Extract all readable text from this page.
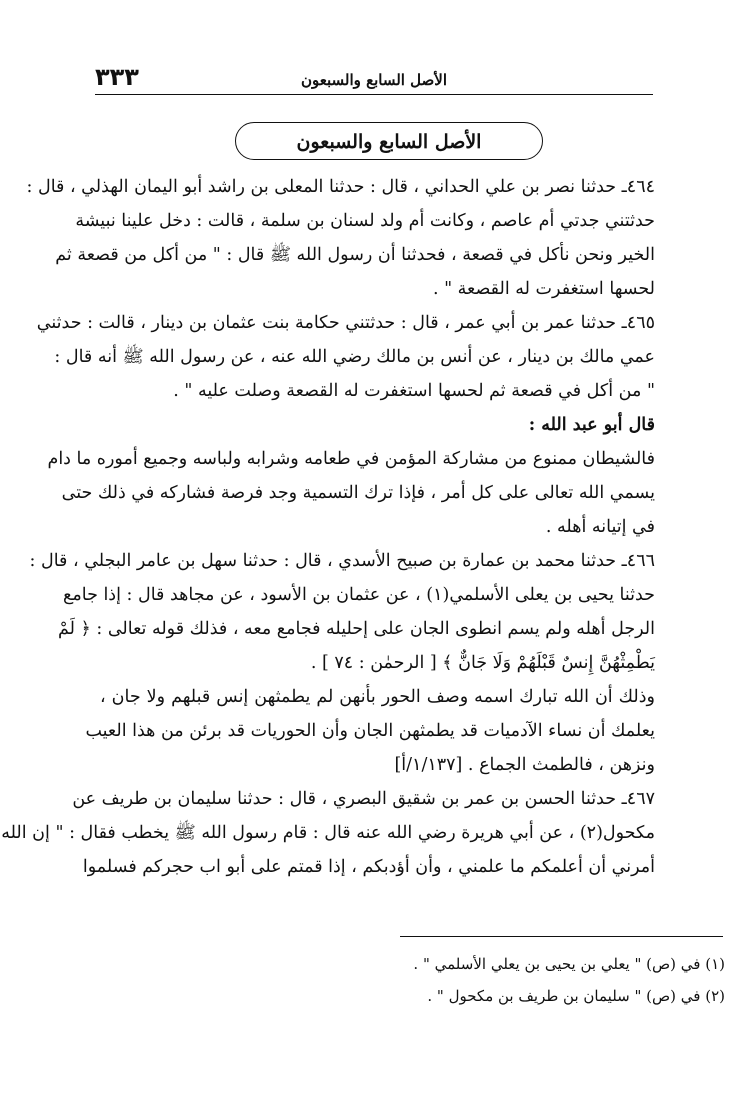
٣٣٣	الأصل السابع والسبعون
الأصل السابع والسبعون
٤٦٤ـ حدثنا نصر بن علي الحداني ، قال : حدثنا المعلى بن راشد أبو اليمان الهذلي ، قال :
حدثتني جدتي أم عاصم ، وكانت أم ولد لسنان بن سلمة ، قالت : دخل علينا نبيشة
الخير ونحن نأكل في قصعة ، فحدثنا أن رسول الله ﷺ قال : " من أكل من قصعة ثم
لحسها استغفرت له القصعة " .
٤٦٥ـ حدثنا عمر بن أبي عمر ، قال : حدثتني حكامة بنت عثمان بن دينار ، قالت : حدثني
عمي مالك بن دينار ، عن أنس بن مالك رضي الله عنه ، عن رسول الله ﷺ أنه قال :
" من أكل في قصعة ثم لحسها استغفرت له القصعة وصلت عليه " .
قال أبو عبد الله :
فالشيطان ممنوع من مشاركة المؤمن في طعامه وشرابه ولباسه وجميع أموره ما دام
يسمي الله تعالى على كل أمر ، فإذا ترك التسمية وجد فرصة فشاركه في ذلك حتى
في إتيانه أهله .
٤٦٦ـ حدثنا محمد بن عمارة بن صبيح الأسدي ، قال : حدثنا سهل بن عامر البجلي ، قال :
حدثنا يحيى بن يعلى الأسلمي(١) ، عن عثمان بن الأسود ، عن مجاهد قال : إذا جامع
الرجل أهله ولم يسم انطوى الجان على إحليله فجامع معه ، فذلك قوله تعالى : ﴿ لَمْ
يَطْمِثْهُنَّ إِنسٌ قَبْلَهُمْ وَلَا جَانٌّ ﴾ [ الرحمٰن : ٧٤ ] .
وذلك أن الله تبارك اسمه وصف الحور بأنهن لم يطمثهن إنس قبلهم ولا جان ،
يعلمك أن نساء الآدميات قد يطمثهن الجان وأن الحوريات قد برئن من هذا العيب
ونزهن ، فالطمث الجماع . [١/١٣٧/أ]
٤٦٧ـ حدثنا الحسن بن عمر بن شقيق البصري ، قال : حدثنا سليمان بن طريف عن
مكحول(٢) ، عن أبي هريرة رضي الله عنه قال : قام رسول الله ﷺ يخطب فقال : " إن الله
أمرني أن أعلمكم ما علمني ، وأن أؤدبكم ، إذا قمتم على أبو اب حجركم فسلموا
(١) في (ص) " يعلي بن يحيى بن يعلي الأسلمي " .
(٢) في (ص) " سليمان بن طريف بن مكحول " .
